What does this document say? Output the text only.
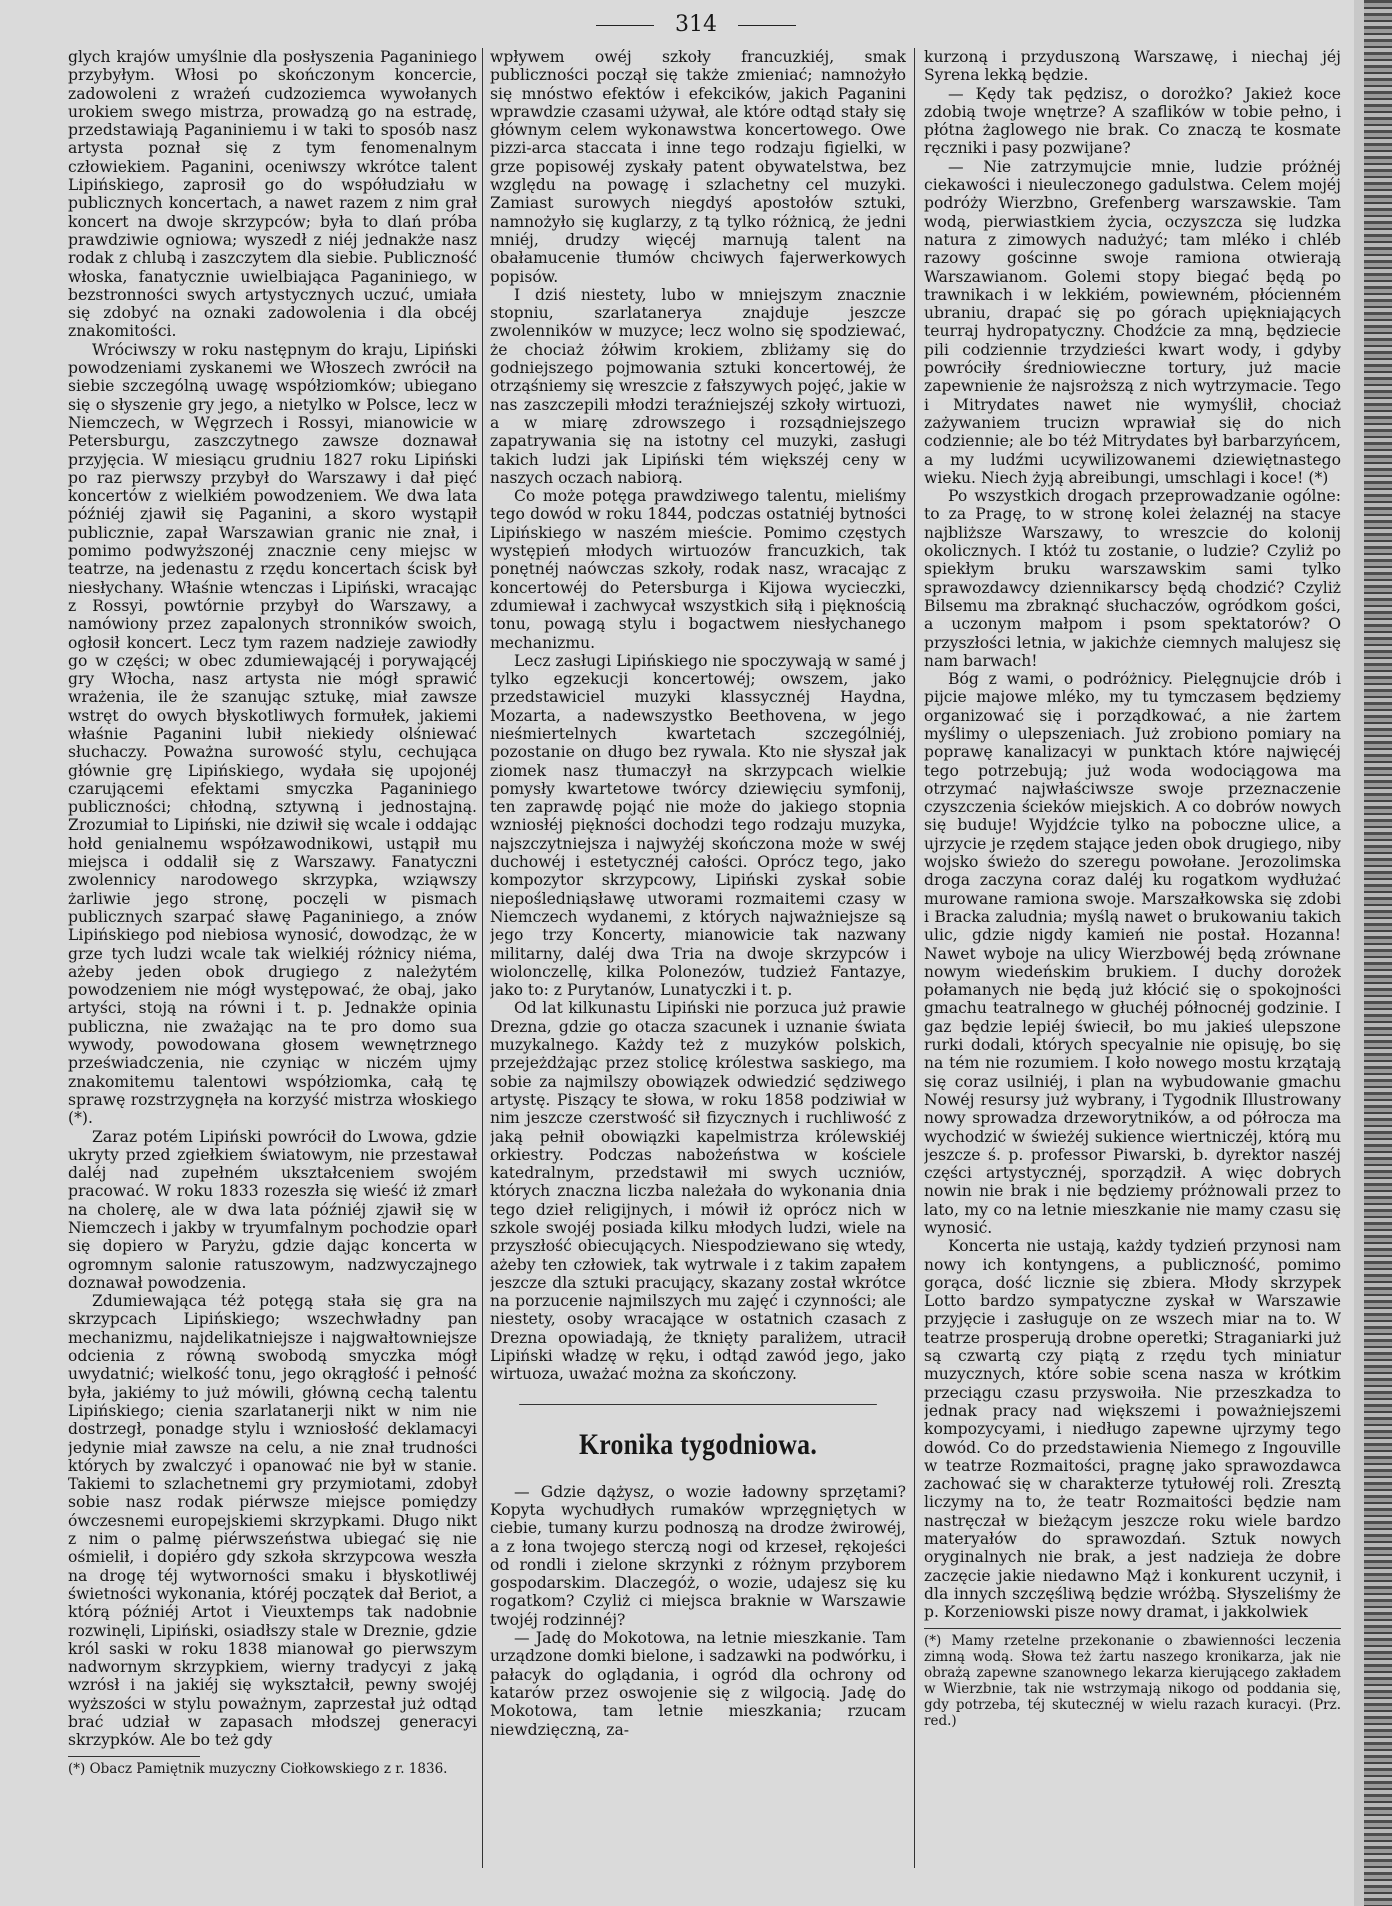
314

glych krajów umyślnie dla posłyszenia Paganiniego przybyłym. Włosi po skończonym koncercie, zadowoleni z wrażeń cudzoziemca wywołanych urokiem swego mistrza, prowadzą go na estradę, przedstawiają Paganiniemu i w taki to sposób nasz artysta poznał się z tym fenomenalnym człowiekiem. Paganini, oceniwszy wkrótce talent Lipińskiego, zaprosił go do współudziału w publicznych koncertach, a nawet razem z nim grał koncert na dwoje skrzypców; była to dlań próba prawdziwie ogniowa; wyszedł z niéj jednakże nasz rodak z chlubą i zaszczytem dla siebie. Publiczność włoska, fanatycznie uwielbiająca Paganiniego, w bezstronności swych artystycznych uczuć, umiała się zdobyć na oznaki zadowolenia i dla obcéj znakomitości.

Wróciwszy w roku następnym do kraju, Lipiński powodzeniami zyskanemi we Włoszech zwrócił na siebie szczególną uwagę współziomków; ubiegano się o słyszenie gry jego, a nietylko w Polsce, lecz w Niemczech, w Węgrzech i Rossyi, mianowicie w Petersburgu, zaszczytnego zawsze doznawał przyjęcia. W miesiącu grudniu 1827 roku Lipiński po raz pierwszy przybył do Warszawy i dał pięć koncertów z wielkiém powodzeniem. We dwa lata późniéj zjawił się Paganini, a skoro wystąpił publicznie, zapał Warszawian granic nie znał, i pomimo podwyższonéj znacznie ceny miejsc w teatrze, na jedenastu z rzędu koncertach ścisk był niesłychany. Właśnie wtenczas i Lipiński, wracając z Rossyi, powtórnie przybył do Warszawy, a namówiony przez zapalonych stronników swoich, ogłosił koncert. Lecz tym razem nadzieje zawiodły go w części; w obec zdumiewającéj i porywającéj gry Włocha, nasz artysta nie mógł sprawić wrażenia, ile że szanując sztukę, miał zawsze wstręt do owych błyskotliwych formułek, jakiemi właśnie Paganini lubił niekiedy olśniewać słuchaczy. Poważna surowość stylu, cechująca głównie grę Lipińskiego, wydała się upojonéj czarującemi efektami smyczka Paganiniego publiczności; chłodną, sztywną i jednostajną. Zrozumiał to Lipiński, nie dziwił się wcale i oddając hołd genialnemu współzawodnikowi, ustąpił mu miejsca i oddalił się z Warszawy. Fanatyczni zwolennicy narodowego skrzypka, wziąwszy żarliwie jego stronę, poczęli w pismach publicznych szarpać sławę Paganiniego, a znów Lipińskiego pod niebiosa wynosić, dowodząc, że w grze tych ludzi wcale tak wielkiéj różnicy niéma, ażeby jeden obok drugiego z należytém powodzeniem nie mógł występować, że obaj, jako artyści, stoją na równi i t. p. Jednakże opinia publiczna, nie zważając na te pro domo sua wywody, powodowana głosem wewnętrznego przeświadczenia, nie czyniąc w niczém ujmy znakomitemu talentowi współziomka, całą tę sprawę rozstrzygnęła na korzyść mistrza włoskiego (*).

Zaraz potém Lipiński powrócił do Lwowa, gdzie ukryty przed zgiełkiem światowym, nie przestawał daléj nad zupełném ukształceniem swojém pracować. W roku 1833 rozeszła się wieść iż zmarł na cholerę, ale w dwa lata późniéj zjawił się w Niemczech i jakby w tryumfalnym pochodzie oparł się dopiero w Paryżu, gdzie dając koncerta w ogromnym salonie ratuszowym, nadzwyczajnego doznawał powodzenia.

Zdumiewająca téż potęgą stała się gra na skrzypcach Lipińskiego; wszechwładny pan mechanizmu, najdelikatniejsze i najgwałtowniejsze odcienia z równą swobodą smyczka mógł uwydatnić; wielkość tonu, jego okrągłość i pełność była, jakiémy to już mówili, główną cechą talentu Lipińskiego; cienia szarlatanerji nikt w nim nie dostrzegł, ponadge stylu i wzniosłość deklamacyi jedynie miał zawsze na celu, a nie znał trudności których by zwalczyć i opanować nie był w stanie. Takiemi to szlachetnemi gry przymiotami, zdobył sobie nasz rodak piérwsze miejsce pomiędzy ówczesnemi europejskiemi skrzypkami. Długo nikt z nim o palmę piérwszeństwa ubiegać się nie ośmielił, i dopiéro gdy szkoła skrzypcowa weszła na drogę téj wytworności smaku i błyskotliwéj świetności wykonania, któréj początek dał Beriot, a którą późniéj Artot i Vieuxtemps tak nadobnie rozwinęli, Lipiński, osiadłszy stale w Dreznie, gdzie król saski w roku 1838 mianował go pierwszym nadwornym skrzypkiem, wierny tradycyi z jaką wzrósł i na jakiéj się wykształcił, pewny swojéj wyższości w stylu poważnym, zaprzestał już odtąd brać udział w zapasach młodszej generacyi skrzypków. Ale bo też gdy

(*) Obacz Pamiętnik muzyczny Ciołkowskiego z r. 1836.

wpływem owéj szkoły francuzkiéj, smak publiczności począł się także zmieniać; namnożyło się mnóstwo efektów i efekcików, jakich Paganini wprawdzie czasami używał, ale które odtąd stały się głównym celem wykonawstwa koncertowego. Owe pizzi-arca staccata i inne tego rodzaju figielki, w grze popisowéj zyskały patent obywatelstwa, bez względu na powagę i szlachetny cel muzyki. Zamiast surowych niegdyś apostołów sztuki, namnożyło się kuglarzy, z tą tylko różnicą, że jedni mniéj, drudzy więcéj marnują talent na obałamucenie tłumów chciwych fajerwerkowych popisów.

I dziś niestety, lubo w mniejszym znacznie stopniu, szarlatanerya znajduje jeszcze zwolenników w muzyce; lecz wolno się spodziewać, że chociaż żółwim krokiem, zbliżamy się do godniejszego pojmowania sztuki koncertowéj, że otrząśniemy się wreszcie z fałszywych pojęć, jakie w nas zaszczepili młodzi teraźniejszéj szkoły wirtuozi, a w miarę zdrowszego i rozsądniejszego zapatrywania się na istotny cel muzyki, zasługi takich ludzi jak Lipiński tém większéj ceny w naszych oczach nabiorą.

Co może potęga prawdziwego talentu, mieliśmy tego dowód w roku 1844, podczas ostatniéj bytności Lipińskiego w naszém mieście. Pomimo częstych występień młodych wirtuozów francuzkich, tak ponętnéj naówczas szkoły, rodak nasz, wracając z koncertowéj do Petersburga i Kijowa wycieczki, zdumiewał i zachwycał wszystkich siłą i pięknością tonu, powagą stylu i bogactwem niesłychanego mechanizmu.

Lecz zasługi Lipińskiego nie spoczywają w samé j tylko egzekucji koncertowéj; owszem, jako przedstawiciel muzyki klassycznéj Haydna, Mozarta, a nadewszystko Beethovena, w jego nieśmiertelnych kwartetach szczególniéj, pozostanie on długo bez rywala. Kto nie słyszał jak ziomek nasz tłumaczył na skrzypcach wielkie pomysły kwartetowe twórcy dziewięciu symfonij, ten zaprawdę pojąć nie może do jakiego stopnia wzniosłéj piękności dochodzi tego rodzaju muzyka, najszczytniejsza i najwyżéj skończona może w swéj duchowéj i estetycznéj całości. Oprócz tego, jako kompozytor skrzypcowy, Lipiński zyskał sobie niepośledniąsławę utworami rozmaitemi czasy w Niemczech wydanemi, z których najważniejsze są jego trzy Koncerty, mianowicie tak nazwany militarny, daléj dwa Tria na dwoje skrzypców i wiolonczellę, kilka Polonezów, tudzież Fantazye, jako to: z Purytanów, Lunatyczki i t. p.

Od lat kilkunastu Lipiński nie porzuca już prawie Drezna, gdzie go otacza szacunek i uznanie świata muzykalnego. Każdy też z muzyków polskich, przejeżdżając przez stolicę królestwa saskiego, ma sobie za najmilszy obowiązek odwiedzić sędziwego artystę. Piszący te słowa, w roku 1858 podziwiał w nim jeszcze czerstwość sił fizycznych i ruchliwość z jaką pełnił obowiązki kapelmistrza królewskiéj orkiestry. Podczas nabożeństwa w kościele katedralnym, przedstawił mi swych uczniów, których znaczna liczba należała do wykonania dnia tego dzieł religijnych, i mówił iż oprócz nich w szkole swojéj posiada kilku młodych ludzi, wiele na przyszłość obiecujących. Niespodziewano się wtedy, ażeby ten człowiek, tak wytrwale i z takim zapałem jeszcze dla sztuki pracujący, skazany został wkrótce na porzucenie najmilszych mu zajęć i czynności; ale niestety, osoby wracające w ostatnich czasach z Drezna opowiadają, że tknięty paraliżem, utracił Lipiński władzę w ręku, i odtąd zawód jego, jako wirtuoza, uważać można za skończony.

Kronika tygodniowa.

— Gdzie dążysz, o wozie ładowny sprzętami? Kopyta wychudłych rumaków wprzęgniętych w ciebie, tumany kurzu podnoszą na drodze żwirowéj, a z łona twojego sterczą nogi od krzeseł, rękojeści od rondli i zielone skrzynki z różnym przyborem gospodarskim. Dlaczegóż, o wozie, udajesz się ku rogatkom? Czyliż ci miejsca braknie w Warszawie twojéj rodzinnéj?

— Jadę do Mokotowa, na letnie mieszkanie. Tam urządzone domki bielone, i sadzawki na podwórku, i pałacyk do oglądania, i ogród dla ochrony od katarów przez oswojenie się z wilgocią. Jadę do Mokotowa, tam letnie mieszkania; rzucam niewdzięczną, za-

kurzoną i przyduszoną Warszawę, i niechaj jéj Syrena lekką będzie.

— Kędy tak pędzisz, o dorożko? Jakież koce zdobią twoje wnętrze? A szaflików w tobie pełno, i płótna żaglowego nie brak. Co znaczą te kosmate ręczniki i pasy pozwijane?

— Nie zatrzymujcie mnie, ludzie próżnéj ciekawości i nieuleczonego gadulstwa. Celem mojéj podróży Wierzbno, Grefenberg warszawskie. Tam wodą, pierwiastkiem życia, oczyszcza się ludzka natura z zimowych nadużyć; tam mléko i chléb razowy gościnne swoje ramiona otwierają Warszawianom. Golemi stopy biegać będą po trawnikach i w lekkiém, powiewném, płócienném ubraniu, drapać się po górach upiękniających teurraj hydropatyczny. Chodźcie za mną, będziecie pili codziennie trzydzieści kwart wody, i gdyby powróciły średniowieczne tortury, już macie zapewnienie że najsroższą z nich wytrzymacie. Tego i Mitrydates nawet nie wymyślił, chociaż zażywaniem trucizn wprawiał się do nich codziennie; ale bo téż Mitrydates był barbarzyńcem, a my ludźmi ucywilizowanemi dziewiętnastego wieku. Niech żyją abreibungi, umschlagi i koce! (*)

Po wszystkich drogach przeprowadzanie ogólne: to za Pragę, to w stronę kolei żelaznéj na stacye najbliższe Warszawy, to wreszcie do kolonij okolicznych. I któż tu zostanie, o ludzie? Czyliż po spiekłym bruku warszawskim sami tylko sprawozdawcy dziennikarscy będą chodzić? Czyliż Bilsemu ma zbraknąć słuchaczów, ogródkom gości, a uczonym małpom i psom spektatorów? O przyszłości letnia, w jakichże ciemnych malujesz się nam barwach!

Bóg z wami, o podróżnicy. Pielęgnujcie drób i pijcie majowe mléko, my tu tymczasem będziemy organizować się i porządkować, a nie żartem myślimy o ulepszeniach. Już zrobiono pomiary na poprawę kanalizacyi w punktach które najwięcéj tego potrzebują; już woda wodociągowa ma otrzymać najwłaściwsze swoje przeznaczenie czyszczenia ścieków miejskich. A co dobrów nowych się buduje! Wyjdźcie tylko na poboczne ulice, a ujrzycie je rzędem stające jeden obok drugiego, niby wojsko świeżo do szeregu powołane. Jerozolimska droga zaczyna coraz daléj ku rogatkom wydłużać murowane ramiona swoje. Marszałkowska się zdobi i Bracka zaludnia; myślą nawet o brukowaniu takich ulic, gdzie nigdy kamień nie postał. Hozanna! Nawet wyboje na ulicy Wierzbowéj będą zrównane nowym wiedeńskim brukiem. I duchy dorożek połamanych nie będą już kłócić się o spokojności gmachu teatralnego w głuchéj północnéj godzinie. I gaz będzie lepiéj świecił, bo mu jakieś ulepszone rurki dodali, których specyalnie nie opisuję, bo się na tém nie rozumiem. I koło nowego mostu krzątają się coraz usilniéj, i plan na wybudowanie gmachu Nowéj resursy już wybrany, i Tygodnik Illustrowany nowy sprowadza drzeworytników, a od półrocza ma wychodzić w świeżéj sukience wiertniczéj, którą mu jeszcze ś. p. professor Piwarski, b. dyrektor naszéj części artystycznéj, sporządził. A więc dobrych nowin nie brak i nie będziemy próżnowali przez to lato, my co na letnie mieszkanie nie mamy czasu się wynosić.

Koncerta nie ustają, każdy tydzień przynosi nam nowy ich kontyngens, a publiczność, pomimo gorąca, dość licznie się zbiera. Młody skrzypek Lotto bardzo sympatyczne zyskał w Warszawie przyjęcie i zasługuje on ze wszech miar na to. W teatrze prosperują drobne operetki; Straganiarki już są czwartą czy piątą z rzędu tych miniatur muzycznych, które sobie scena nasza w krótkim przeciągu czasu przyswoiła. Nie przeszkadza to jednak pracy nad większemi i poważniejszemi kompozycyami, i niedługo zapewne ujrzymy tego dowód. Co do przedstawienia Niemego z Ingouville w teatrze Rozmaitości, pragnę jako sprawozdawca zachować się w charakterze tytułowéj roli. Zresztą liczymy na to, że teatr Rozmaitości będzie nam nastręczał w bieżącym jeszcze roku wiele bardzo materyałów do sprawozdań. Sztuk nowych oryginalnych nie brak, a jest nadzieja że dobre zaczęcie jakie niedawno Mąż i konkurent uczynił, i dla innych szczęśliwą będzie wróżbą. Słyszeliśmy że p. Korzeniowski pisze nowy dramat, i jakkolwiek

(*) Mamy rzetelne przekonanie o zbawienności leczenia zimną wodą. Słowa też żartu naszego kronikarza, jak nie obrażą zapewne szanownego lekarza kierującego zakładem w Wierzbnie, tak nie wstrzymają nikogo od poddania się, gdy potrzeba, téj skutecznéj w wielu razach kuracyi. (Prz. red.)
